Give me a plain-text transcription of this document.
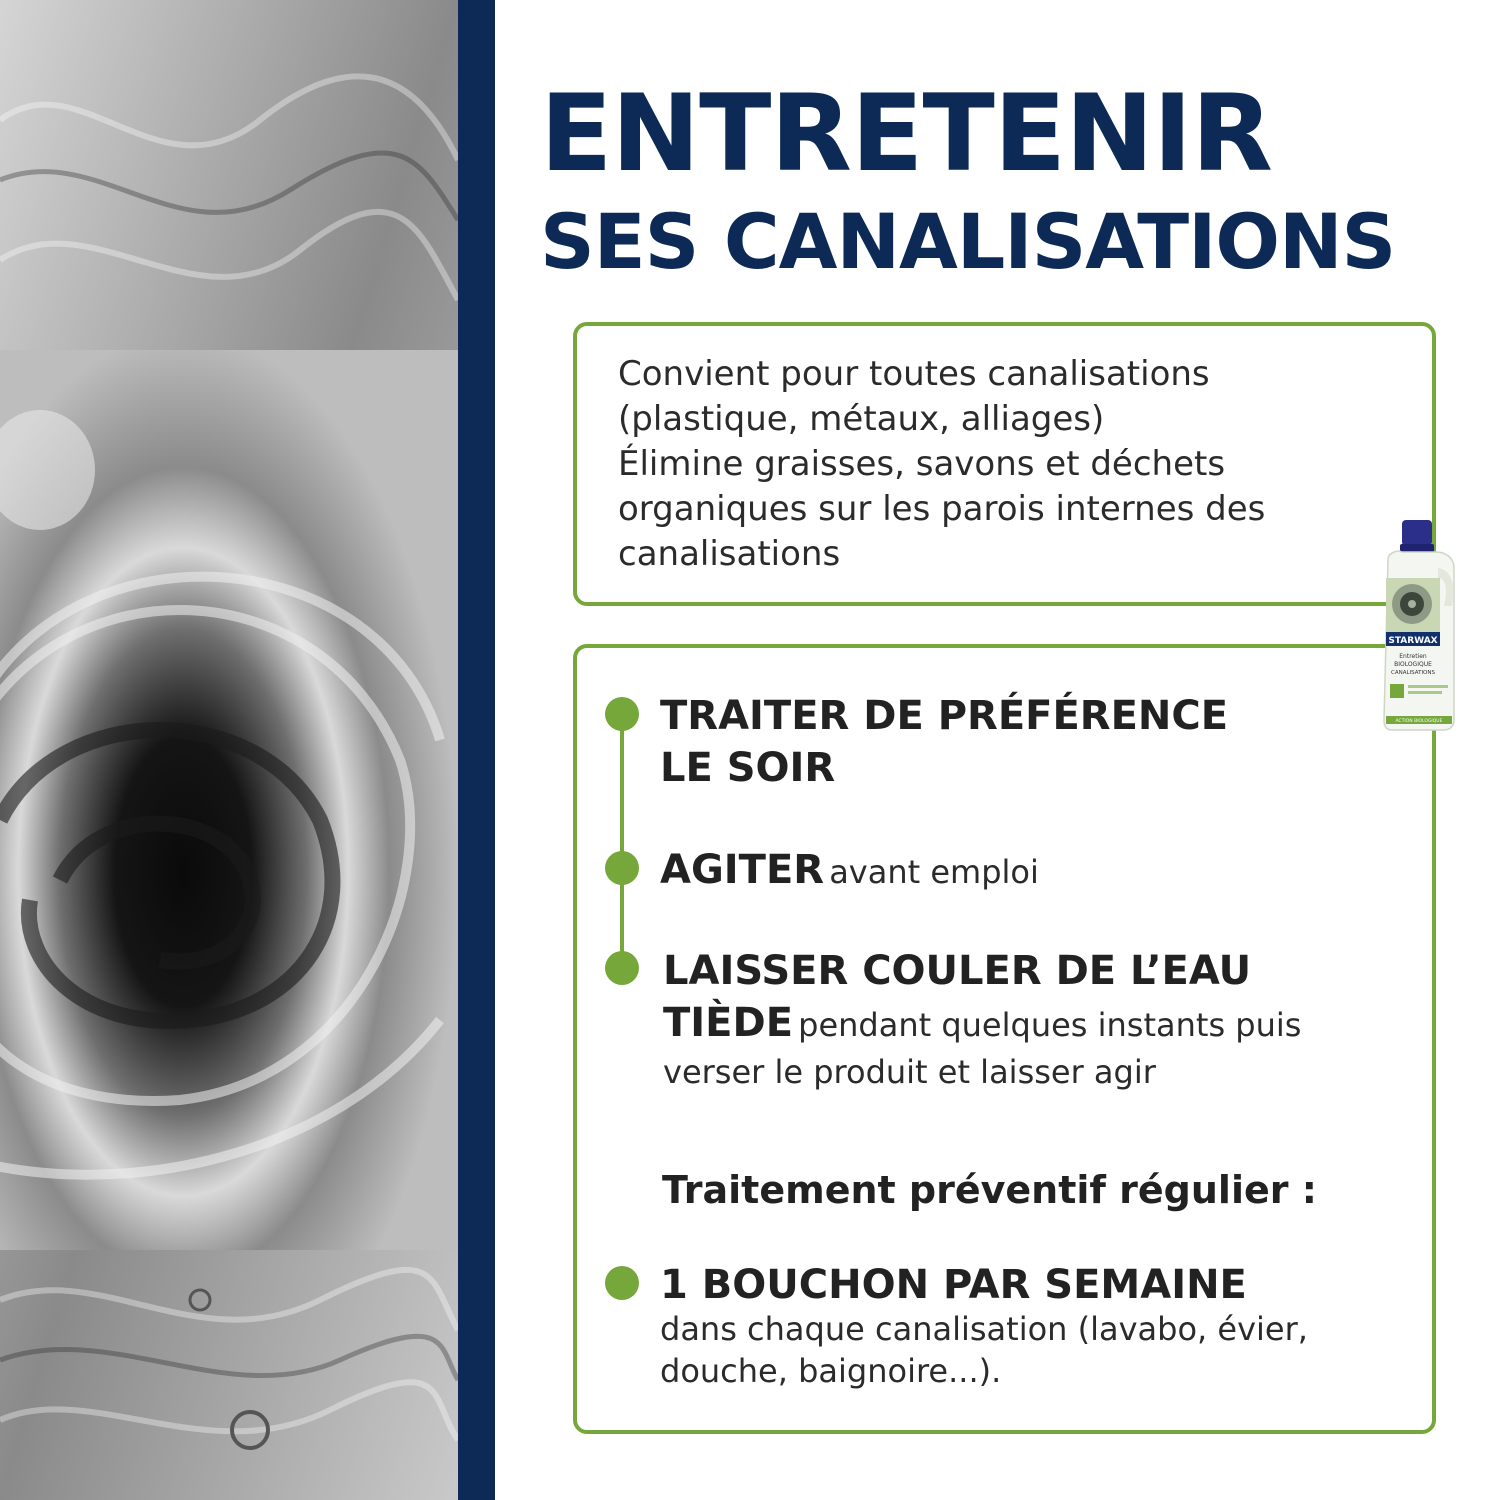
ENTRETENIR
SES CANALISATIONS

Convient pour toutes canalisations
(plastique, métaux, alliages)
Élimine graisses, savons et déchets
organiques sur les parois internes des
canalisations

TRAITER DE PRÉFÉRENCE
LE SOIR

AGITER avant emploi

LAISSER COULER DE L’EAU
TIÈDE pendant quelques instants puis
verser le produit et laisser agir

Traitement préventif régulier :

1 BOUCHON PAR SEMAINE
dans chaque canalisation (lavabo, évier,
douche, baignoire...).

STARWAX
Entretien
BIOLOGIQUE
CANALISATIONS
ACTION BIOLOGIQUE
